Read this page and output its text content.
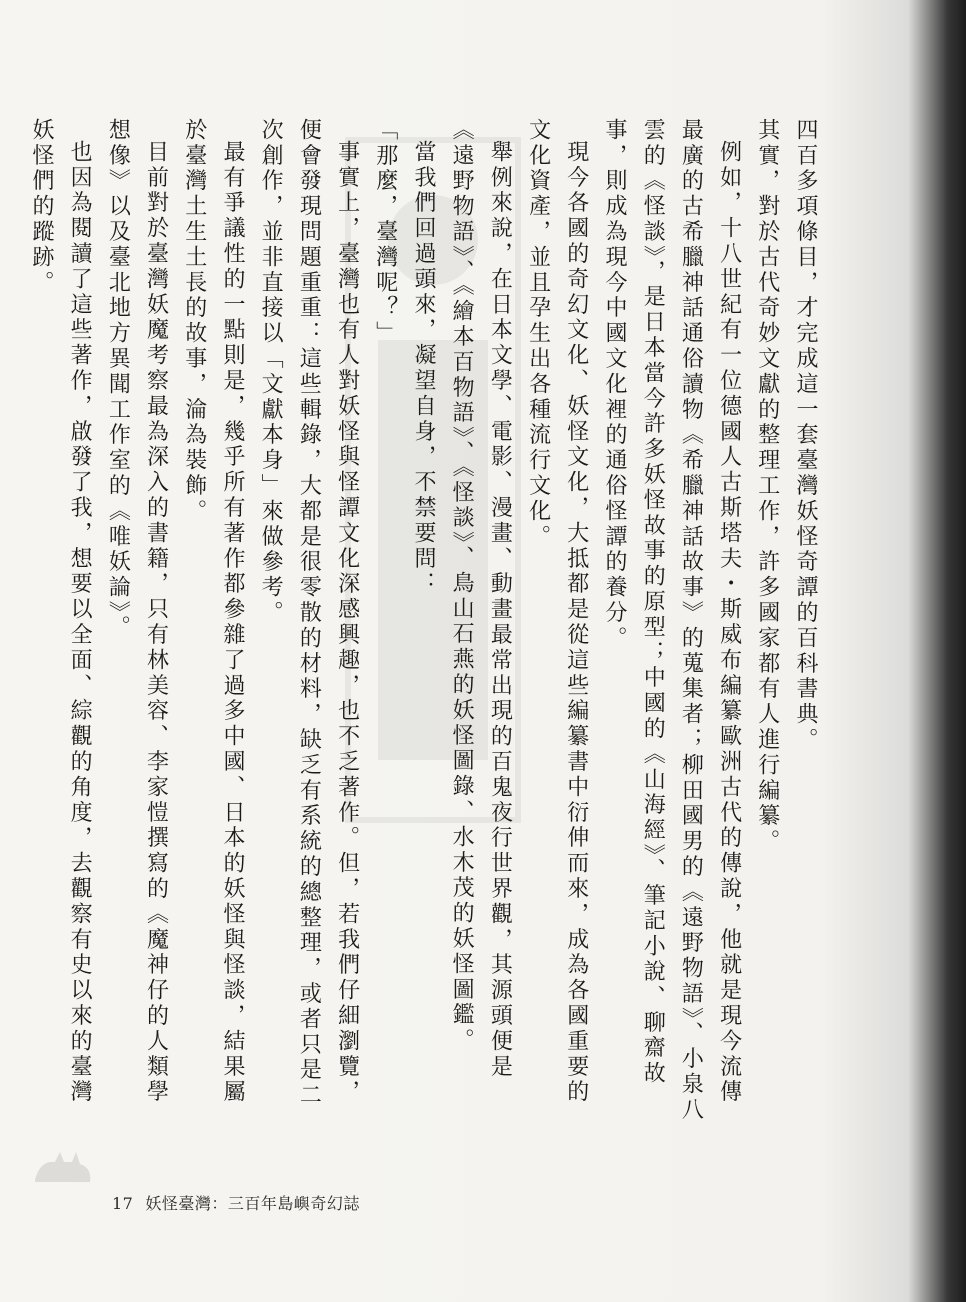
四百多項條目，才完成這一套臺灣妖怪奇譚的百科書典。

其實，對於古代奇妙文獻的整理工作，許多國家都有人進行編纂。

例如，十八世紀有一位德國人古斯塔夫・斯威布編纂歐洲古代的傳說，他就是現今流傳最廣的古希臘神話通俗讀物《希臘神話故事》的蒐集者；柳田國男的《遠野物語》、小泉八雲的《怪談》，是日本當今許多妖怪故事的原型；中國的《山海經》、筆記小說、聊齋故事，則成為現今中國文化裡的通俗怪譚的養分。

現今各國的奇幻文化、妖怪文化，大抵都是從這些編纂書中衍伸而來，成為各國重要的文化資產，並且孕生出各種流行文化。

舉例來說，在日本文學、電影、漫畫、動畫最常出現的百鬼夜行世界觀，其源頭便是《遠野物語》、《繪本百物語》、《怪談》、鳥山石燕的妖怪圖錄、水木茂的妖怪圖鑑。

當我們回過頭來，凝望自身，不禁要問：

「那麼，臺灣呢？」

事實上，臺灣也有人對妖怪與怪譚文化深感興趣，也不乏著作。但，若我們仔細瀏覽，便會發現問題重重：這些輯錄，大都是很零散的材料，缺乏有系統的總整理，或者只是二次創作，並非直接以「文獻本身」來做參考。

最有爭議性的一點則是，幾乎所有著作都參雜了過多中國、日本的妖怪與怪談，結果屬於臺灣土生土長的故事，淪為裝飾。

目前對於臺灣妖魔考察最為深入的書籍，只有林美容、李家愷撰寫的《魔神仔的人類學想像》以及臺北地方異聞工作室的《唯妖論》。

也因為閱讀了這些著作，啟發了我，想要以全面、綜觀的角度，去觀察有史以來的臺灣妖怪們的蹤跡。

17 妖怪臺灣：三百年島嶼奇幻誌
